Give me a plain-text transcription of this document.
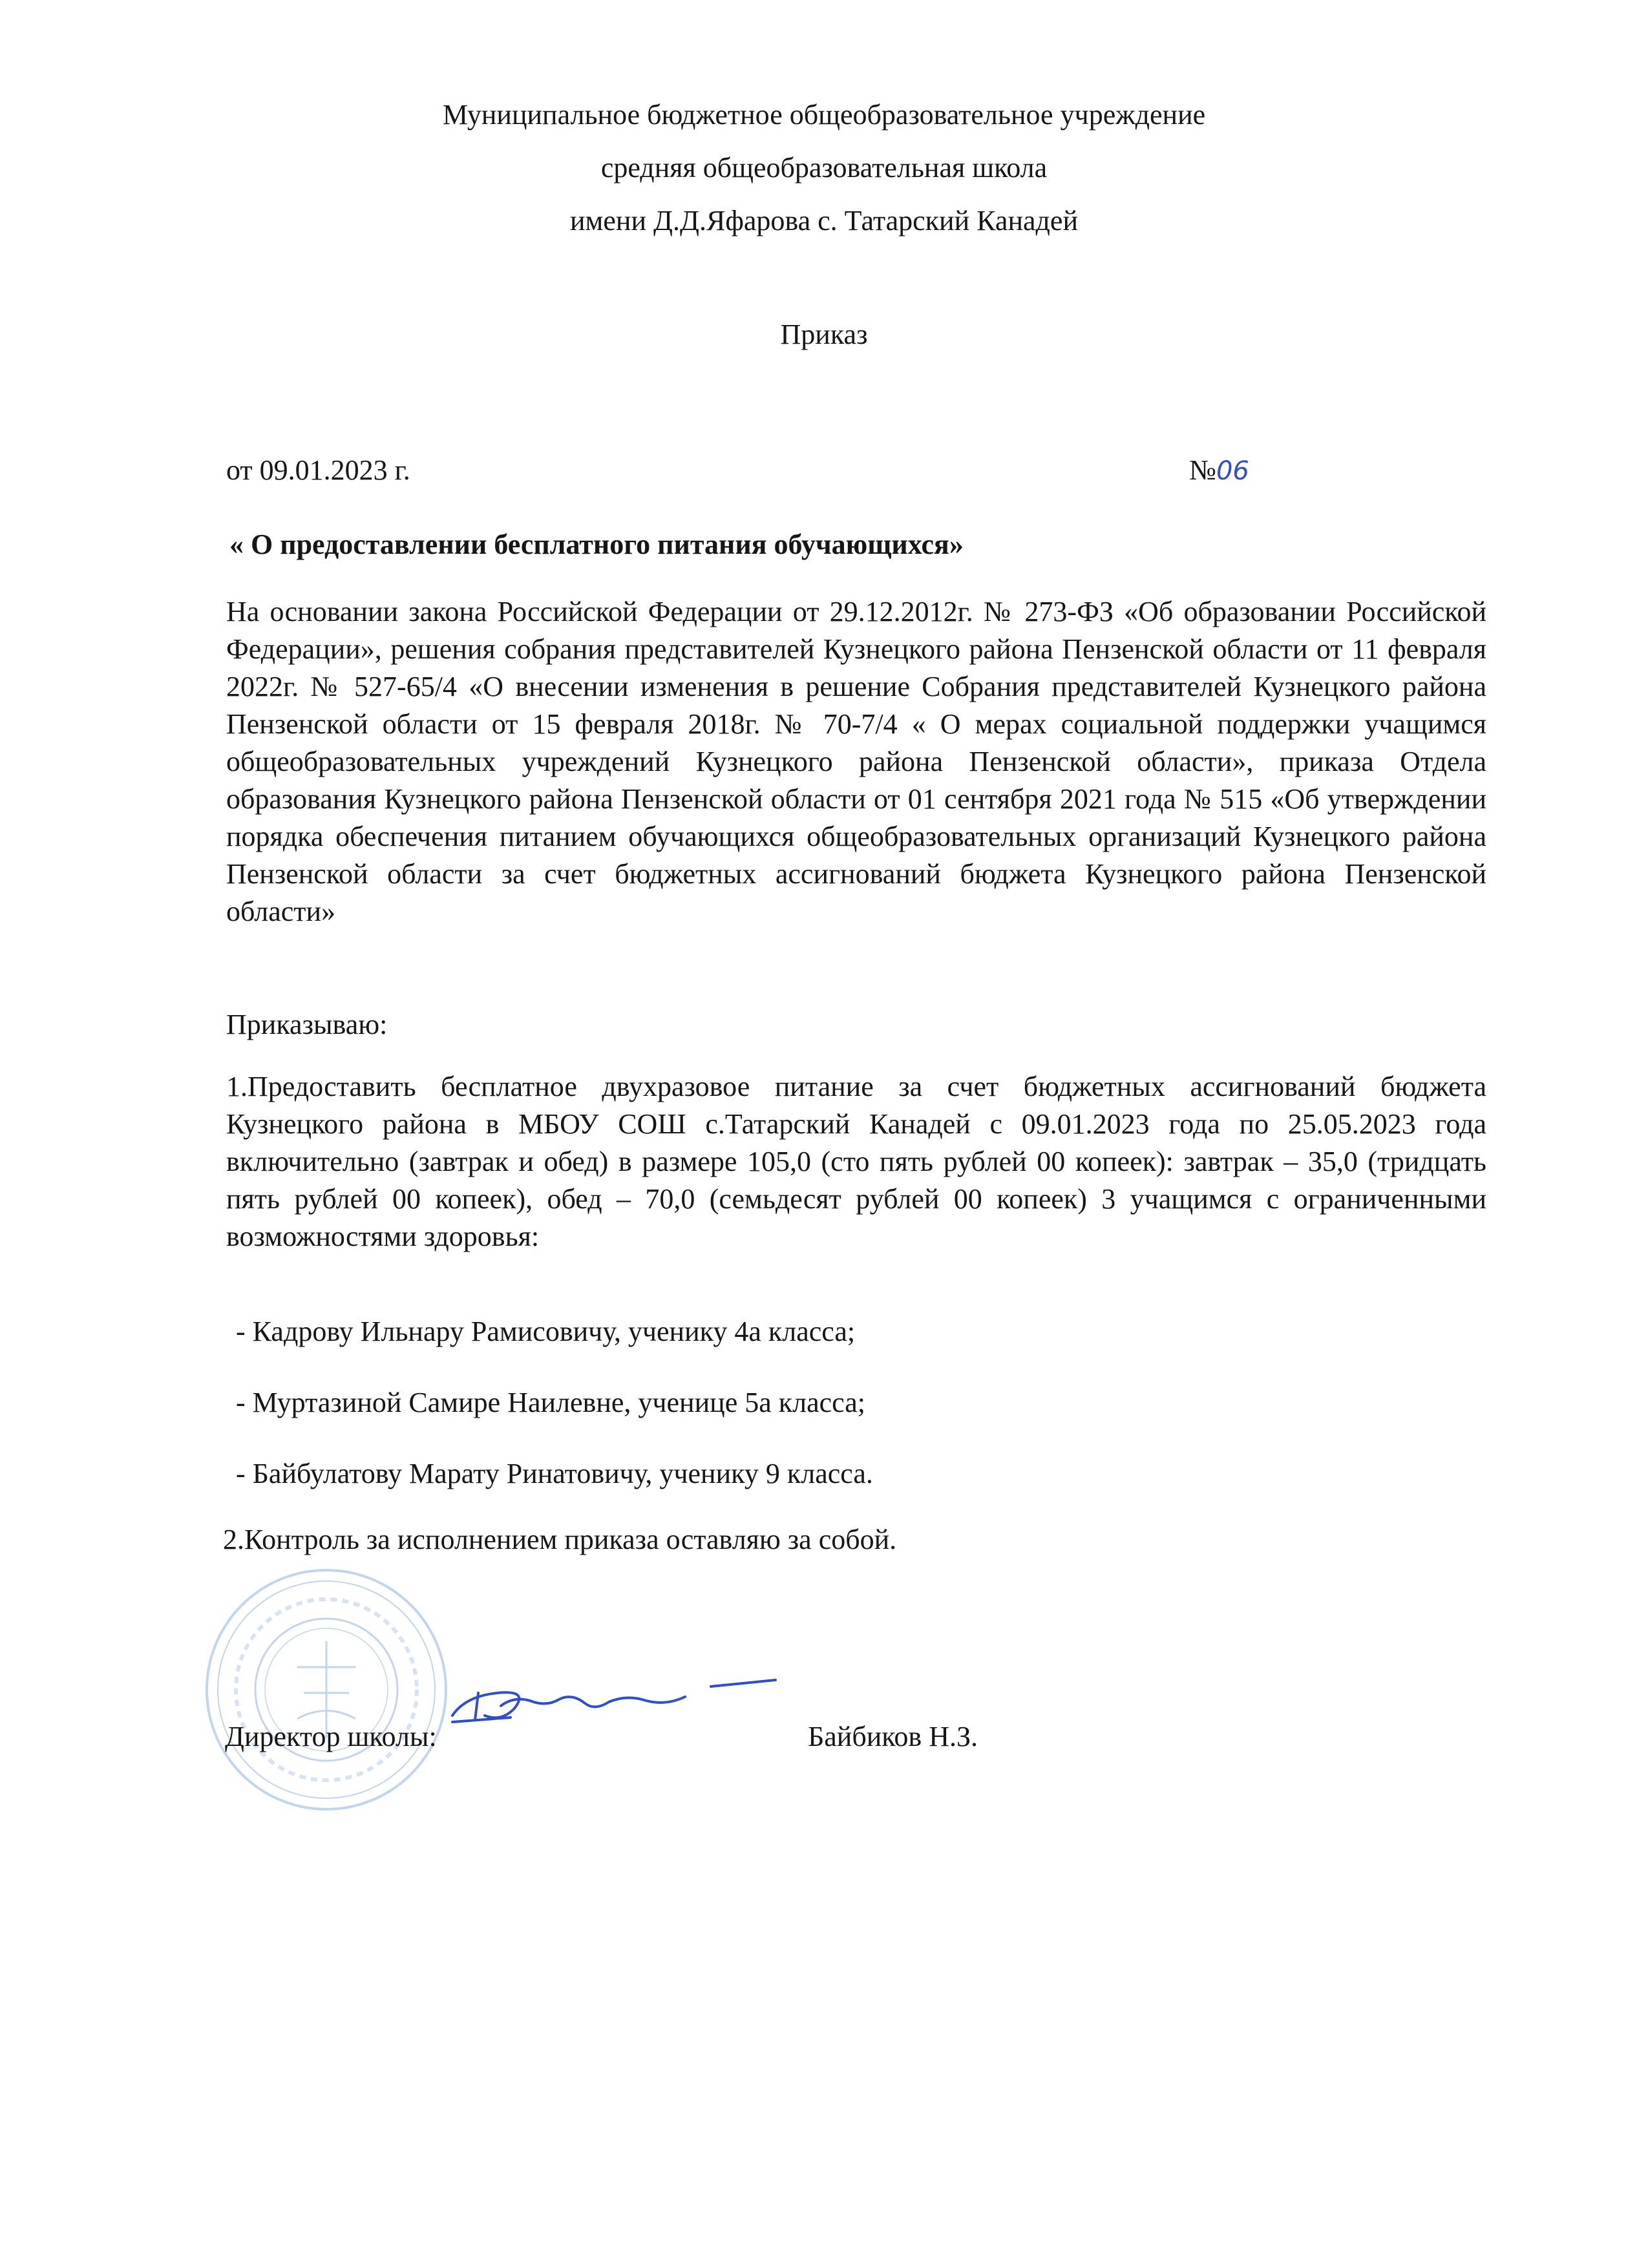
Муниципальное бюджетное общеобразовательное учреждение
средняя общеобразовательная школа
имени Д.Д.Яфарова с. Татарский Канадей
Приказ
от 09.01.2023 г.	№06
« О предоставлении бесплатного питания обучающихся»
На основании закона Российской Федерации от 29.12.2012г. № 273-ФЗ «Об образовании Российской Федерации», решения собрания представителей Кузнецкого района Пензенской области от 11 февраля 2022г. № 527-65/4 «О внесении изменения в решение Собрания представителей Кузнецкого района Пензенской области от 15 февраля 2018г. № 70-7/4 « О мерах социальной поддержки учащимся общеобразовательных учреждений Кузнецкого района Пензенской области», приказа Отдела образования Кузнецкого района Пензенской области от 01 сентября 2021 года № 515 «Об утверждении порядка обеспечения питанием обучающихся общеобразовательных организаций Кузнецкого района Пензенской области за счет бюджетных ассигнований бюджета Кузнецкого района Пензенской области»
Приказываю:
1.Предоставить бесплатное двухразовое питание за счет бюджетных ассигнований бюджета Кузнецкого района в МБОУ СОШ с.Татарский Канадей с 09.01.2023 года по 25.05.2023 года включительно (завтрак и обед) в размере 105,0 (сто пять рублей 00 копеек): завтрак – 35,0 (тридцать пять рублей 00 копеек), обед – 70,0 (семьдесят рублей 00 копеек) 3 учащимся с ограниченными возможностями здоровья:
- Кадрову Ильнару Рамисовичу, ученику 4а класса;
- Муртазиной Самире Наилевне, ученице 5а класса;
- Байбулатову Марату Ринатовичу, ученику 9 класса.
2.Контроль за исполнением приказа оставляю за собой.
Директор школы:	Байбиков Н.З.
